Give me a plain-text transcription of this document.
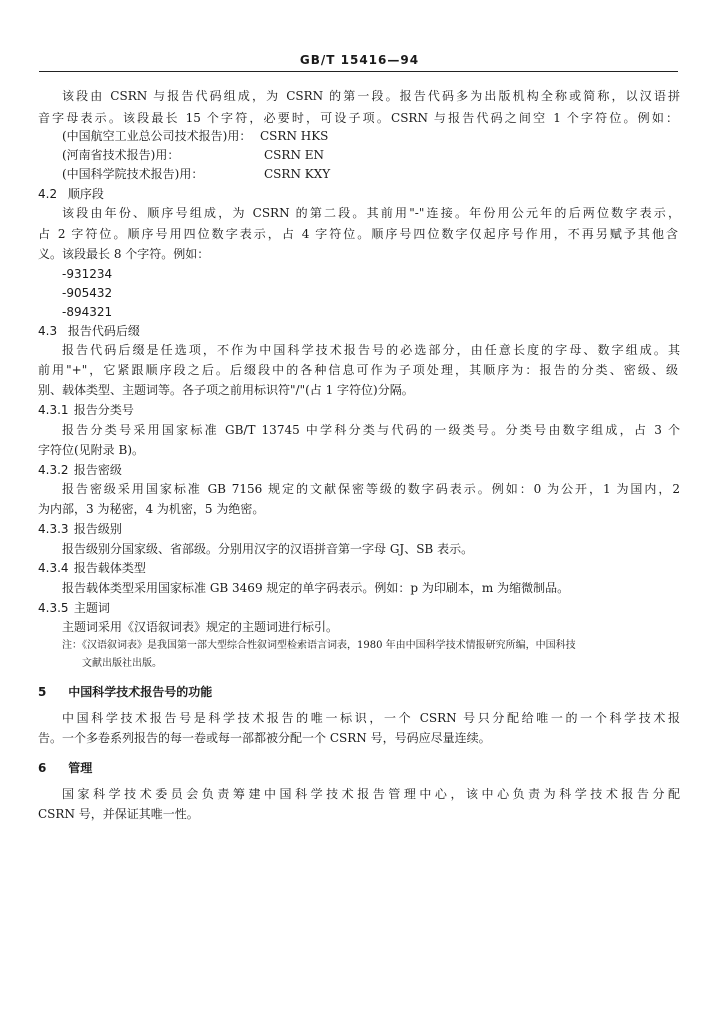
GB/T 15416—94
该段由 CSRN 与报告代码组成，为 CSRN 的第一段。报告代码多为出版机构全称或简称，以汉语拼
音字母表示。该段最长 15 个字符，必要时，可设子项。CSRN 与报告代码之间空 1 个字符位。例如：
(中国航空工业总公司技术报告)用： CSRN HKS
(河南省技术报告)用：	CSRN EN
(中国科学院技术报告)用：	CSRN KXY
4.2 顺序段
该段由年份、顺序号组成，为 CSRN 的第二段。其前用"-"连接。年份用公元年的后两位数字表示，
占 2 字符位。顺序号用四位数字表示，占 4 字符位。顺序号四位数字仅起序号作用，不再另赋予其他含
义。该段最长 8 个字符。例如：
-931234
-905432
-894321
4.3 报告代码后缀
报告代码后缀是任选项，不作为中国科学技术报告号的必选部分，由任意长度的字母、数字组成。其
前用"+"，它紧跟顺序段之后。后缀段中的各种信息可作为子项处理，其顺序为：报告的分类、密级、级
别、载体类型、主题词等。各子项之前用标识符"/"(占 1 字符位)分隔。
4.3.1 报告分类号
报告分类号采用国家标准 GB/T 13745 中学科分类与代码的一级类号。分类号由数字组成，占 3 个
字符位(见附录 B)。
4.3.2 报告密级
报告密级采用国家标准 GB 7156 规定的文献保密等级的数字码表示。例如：0 为公开，1 为国内，2
为内部，3 为秘密，4 为机密，5 为绝密。
4.3.3 报告级别
报告级别分国家级、省部级。分别用汉字的汉语拼音第一字母 GJ、SB 表示。
4.3.4 报告载体类型
报告载体类型采用国家标准 GB 3469 规定的单字码表示。例如：p 为印刷本，m 为缩微制品。
4.3.5 主题词
主题词采用《汉语叙词表》规定的主题词进行标引。
注：《汉语叙词表》是我国第一部大型综合性叙词型检索语言词表，1980 年由中国科学技术情报研究所编，中国科技
文献出版社出版。
5 中国科学技术报告号的功能
中国科学技术报告号是科学技术报告的唯一标识，一个 CSRN 号只分配给唯一的一个科学技术报
告。一个多卷系列报告的每一卷或每一部都被分配一个 CSRN 号，号码应尽量连续。
6 管理
国家科学技术委员会负责筹建中国科学技术报告管理中心，该中心负责为科学技术报告分配
CSRN 号，并保证其唯一性。
